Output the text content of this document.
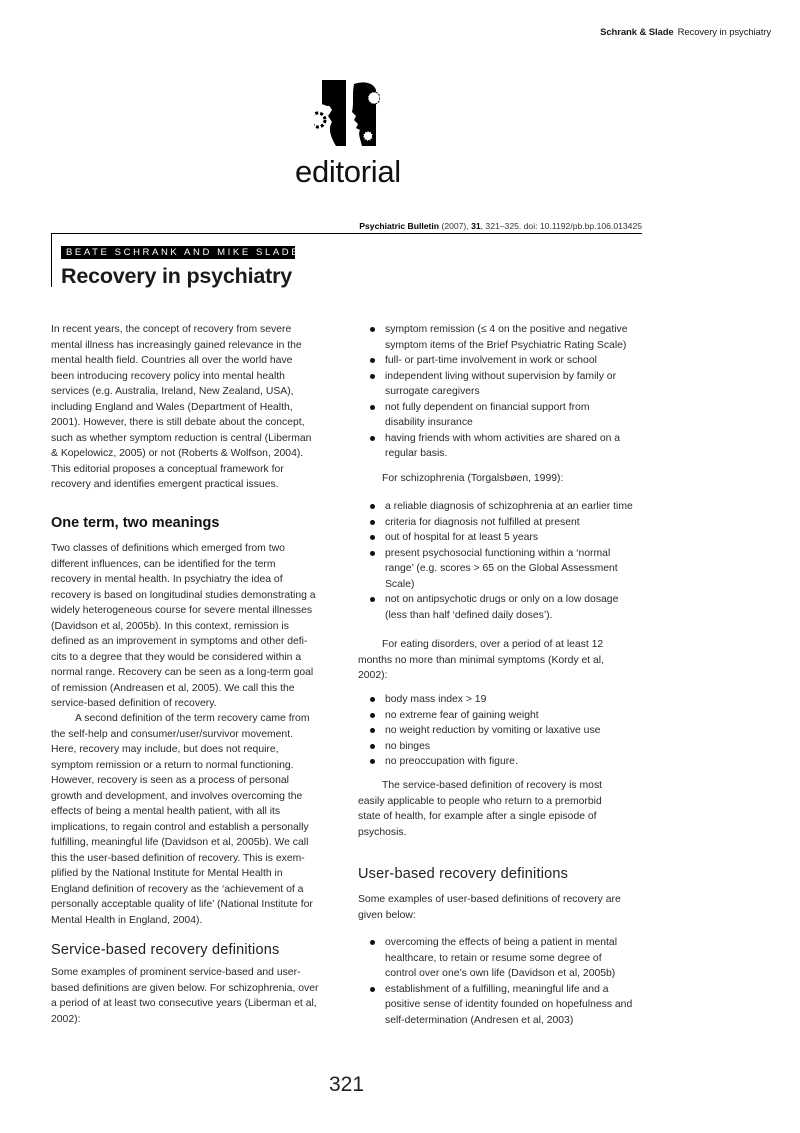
Schrank & Slade Recovery in psychiatry
editorial
Psychiatric Bulletin (2007), 31, 321–325. doi: 10.1192/pb.bp.106.013425
BEATE SCHRANK AND MIKE SLADE
Recovery in psychiatry
In recent years, the concept of recovery from severe
mental illness has increasingly gained relevance in the
mental health field. Countries all over the world have
been introducing recovery policy into mental health
services (e.g. Australia, Ireland, New Zealand, USA),
including England and Wales (Department of Health,
2001). However, there is still debate about the concept,
such as whether symptom reduction is central (Liberman
& Kopelowicz, 2005) or not (Roberts & Wolfson, 2004).
This editorial proposes a conceptual framework for
recovery and identifies emergent practical issues.
One term, two meanings
Two classes of definitions which emerged from two
different influences, can be identified for the term
recovery in mental health. In psychiatry the idea of
recovery is based on longitudinal studies demonstrating a
widely heterogeneous course for severe mental illnesses
(Davidson et al, 2005b). In this context, remission is
defined as an improvement in symptoms and other defi-
cits to a degree that they would be considered within a
normal range. Recovery can be seen as a long-term goal
of remission (Andreasen et al, 2005). We call this the
service-based definition of recovery.
A second definition of the term recovery came from
the self-help and consumer/user/survivor movement.
Here, recovery may include, but does not require,
symptom remission or a return to normal functioning.
However, recovery is seen as a process of personal
growth and development, and involves overcoming the
effects of being a mental health patient, with all its
implications, to regain control and establish a personally
fulfilling, meaningful life (Davidson et al, 2005b). We call
this the user-based definition of recovery. This is exem-
plified by the National Institute for Mental Health in
England definition of recovery as the ‘achievement of a
personally acceptable quality of life’ (National Institute for
Mental Health in England, 2004).
Service-based recovery definitions
Some examples of prominent service-based and user-
based definitions are given below. For schizophrenia, over
a period of at least two consecutive years (Liberman et al,
2002):
symptom remission (≤ 4 on the positive and negative
symptom items of the Brief Psychiatric Rating Scale)
full- or part-time involvement in work or school
independent living without supervision by family or
surrogate caregivers
not fully dependent on financial support from
disability insurance
having friends with whom activities are shared on a
regular basis.
For schizophrenia (Torgalsbøen, 1999):
a reliable diagnosis of schizophrenia at an earlier time
criteria for diagnosis not fulfilled at present
out of hospital for at least 5 years
present psychosocial functioning within a ‘normal
range’ (e.g. scores > 65 on the Global Assessment
Scale)
not on antipsychotic drugs or only on a low dosage
(less than half ‘defined daily doses’).
For eating disorders, over a period of at least 12
months no more than minimal symptoms (Kordy et al,
2002):
body mass index > 19
no extreme fear of gaining weight
no weight reduction by vomiting or laxative use
no binges
no preoccupation with figure.
The service-based definition of recovery is most
easily applicable to people who return to a premorbid
state of health, for example after a single episode of
psychosis.
User-based recovery definitions
Some examples of user-based definitions of recovery are
given below:
overcoming the effects of being a patient in mental
healthcare, to retain or resume some degree of
control over one’s own life (Davidson et al, 2005b)
establishment of a fulfilling, meaningful life and a
positive sense of identity founded on hopefulness and
self-determination (Andresen et al, 2003)
321
